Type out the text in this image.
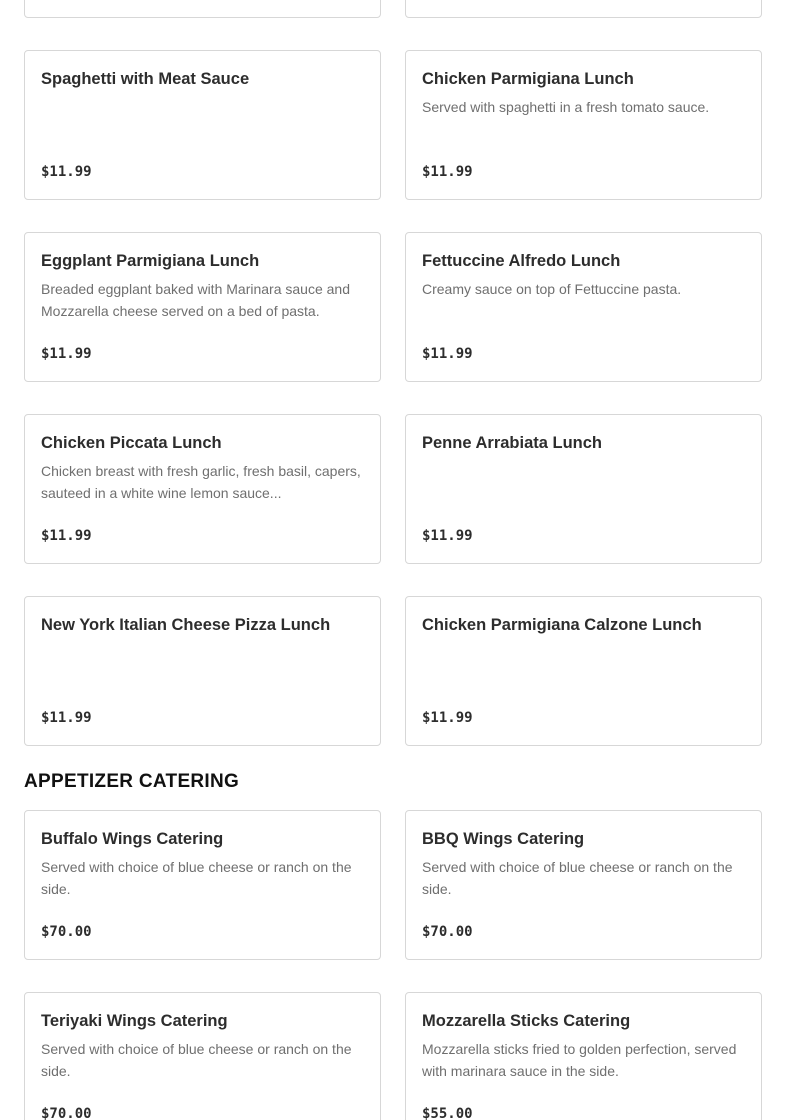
Spaghetti with Meat Sauce
$11.99
Chicken Parmigiana Lunch
Served with spaghetti in a fresh tomato sauce.
$11.99
Eggplant Parmigiana Lunch
Breaded eggplant baked with Marinara sauce and Mozzarella cheese served on a bed of pasta.
$11.99
Fettuccine Alfredo Lunch
Creamy sauce on top of Fettuccine pasta.
$11.99
Chicken Piccata Lunch
Chicken breast with fresh garlic, fresh basil, capers, sauteed in a white wine lemon sauce...
$11.99
Penne Arrabiata Lunch
$11.99
New York Italian Cheese Pizza Lunch
$11.99
Chicken Parmigiana Calzone Lunch
$11.99
APPETIZER CATERING
Buffalo Wings Catering
Served with choice of blue cheese or ranch on the side.
$70.00
BBQ Wings Catering
Served with choice of blue cheese or ranch on the side.
$70.00
Teriyaki Wings Catering
Served with choice of blue cheese or ranch on the side.
$70.00
Mozzarella Sticks Catering
Mozzarella sticks fried to golden perfection, served with marinara sauce in the side.
$55.00
